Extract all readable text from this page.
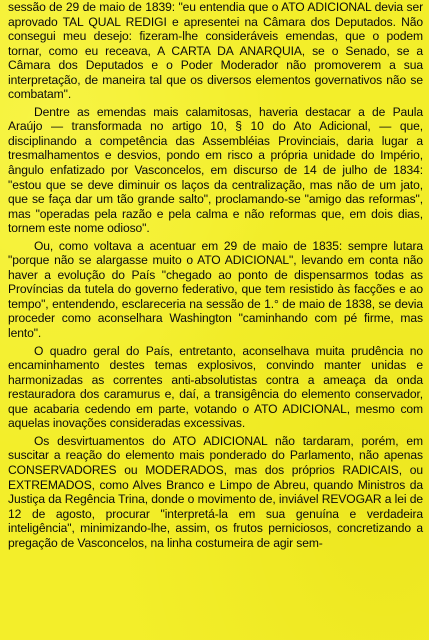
sessão de 29 de maio de 1839: "eu entendia que o ATO ADICIONAL devia ser aprovado TAL QUAL REDIGI e apresentei na Câmara dos Deputados. Não consegui meu desejo: fizeram-lhe consideráveis emendas, que o podem tornar, como eu receava, A CARTA DA ANARQUIA, se o Senado, se a Câmara dos Deputados e o Poder Moderador não promoverem a sua interpretação, de maneira tal que os diversos elementos governativos não se combatam".

Dentre as emendas mais calamitosas, haveria destacar a de Paula Araújo — transformada no artigo 10, § 10 do Ato Adicional, — que, disciplinando a competência das Assembléias Provinciais, daria lugar a tresmalhamentos e desvios, pondo em risco a própria unidade do Império, ângulo enfatizado por Vasconcelos, em discurso de 14 de julho de 1834: "estou que se deve diminuir os laços da centralização, mas não de um jato, que se faça dar um tão grande salto", proclamando-se "amigo das reformas", mas "operadas pela razão e pela calma e não reformas que, em dois dias, tornem este nome odioso".

Ou, como voltava a acentuar em 29 de maio de 1835: sempre lutara "porque não se alargasse muito o ATO ADICIONAL", levando em conta não haver a evolução do País "chegado ao ponto de dispensarmos todas as Províncias da tutela do governo federativo, que tem resistido às facções e ao tempo", entendendo, esclareceria na sessão de 1.° de maio de 1838, se devia proceder como aconselhara Washington "caminhando com pé firme, mas lento".

O quadro geral do País, entretanto, aconselhava muita prudência no encaminhamento destes temas explosivos, convindo manter unidas e harmonizadas as correntes anti-absolutistas contra a ameaça da onda restauradora dos caramurus e, daí, a transigência do elemento conservador, que acabaria cedendo em parte, votando o ATO ADICIONAL, mesmo com aquelas inovações consideradas excessivas.

Os desvirtuamentos do ATO ADICIONAL não tardaram, porém, em suscitar a reação do elemento mais ponderado do Parlamento, não apenas CONSERVADORES ou MODERADOS, mas dos próprios RADICAIS, ou EXTREMADOS, como Alves Branco e Limpo de Abreu, quando Ministros da Justiça da Regência Trina, donde o movimento de, inviável REVOGAR a lei de 12 de agosto, procurar "interpretá-la em sua genuína e verdadeira inteligência", minimizando-lhe, assim, os frutos perniciosos, concretizando a pregação de Vasconcelos, na linha costumeira de agir sem-
